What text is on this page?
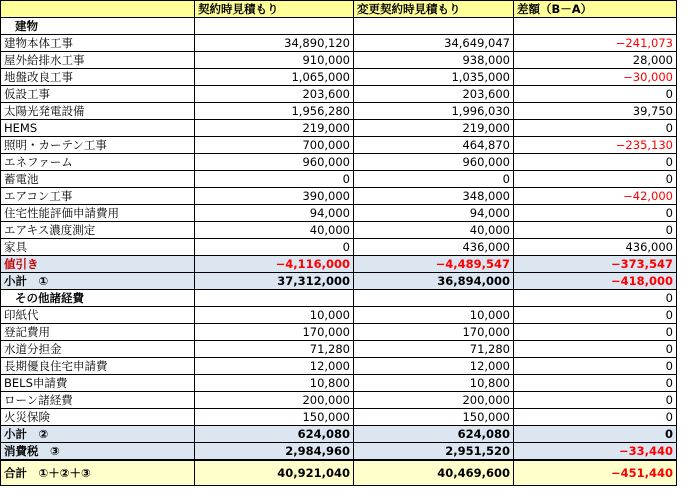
	契約時見積もり	変更契約時見積もり	差額（B－A）
建物			
建物本体工事	34,890,120	34,649,047	−241,073
屋外給排水工事	910,000	938,000	28,000
地盤改良工事	1,065,000	1,035,000	−30,000
仮設工事	203,600	203,600	0
太陽光発電設備	1,956,280	1,996,030	39,750
HEMS	219,000	219,000	0
照明・カーテン工事	700,000	464,870	−235,130
エネファーム	960,000	960,000	0
蓄電池	0	0	0
エアコン工事	390,000	348,000	−42,000
住宅性能評価申請費用	94,000	94,000	0
エアキス濃度測定	40,000	40,000	0
家具	0	436,000	436,000
値引き	−4,116,000	−4,489,547	−373,547
小計　①	37,312,000	36,894,000	−418,000
その他諸経費			0
印紙代	10,000	10,000	0
登記費用	170,000	170,000	0
水道分担金	71,280	71,280	0
長期優良住宅申請費	12,000	12,000	0
BELS申請費	10,800	10,800	0
ローン諸経費	200,000	200,000	0
火災保険	150,000	150,000	0
小計　②	624,080	624,080	0
消費税　③	2,984,960	2,951,520	−33,440
合計　①＋②＋③	40,921,040	40,469,600	−451,440
